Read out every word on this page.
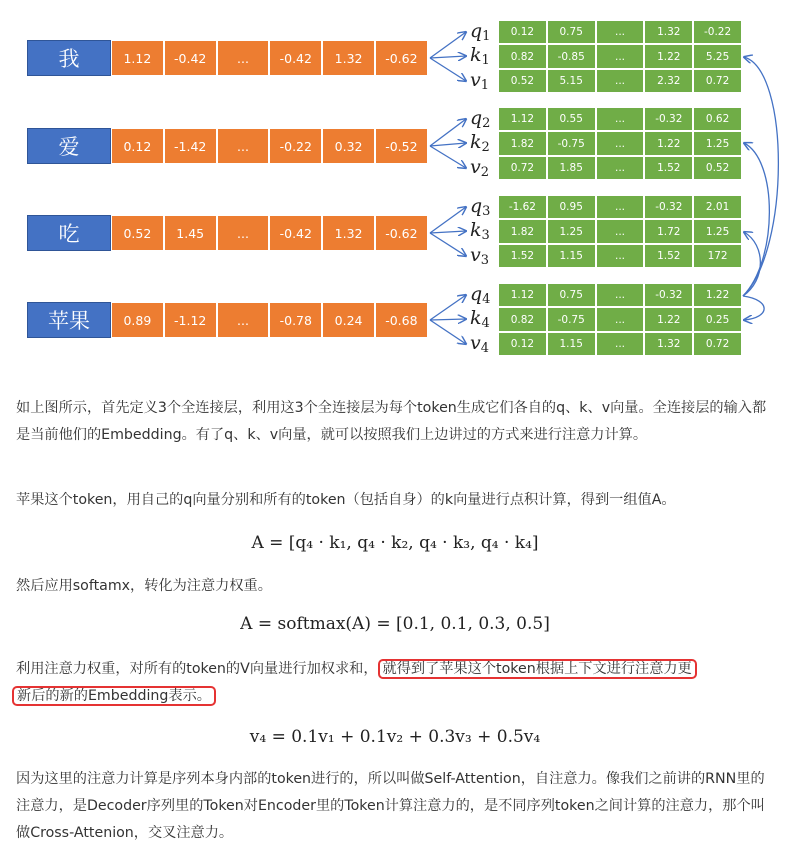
我	1.12	-0.42	...	-0.42	1.32	-0.62
$q_1$
$k_1$
$v_1$
0.12	0.75	...	1.32	-0.22
0.82	-0.85	...	1.22	5.25
0.52	5.15	...	2.32	0.72
爱	0.12	-1.42	...	-0.22	0.32	-0.52
$q_2$
$k_2$
$v_2$
1.12	0.55	...	-0.32	0.62
1.82	-0.75	...	1.22	1.25
0.72	1.85	...	1.52	0.52
吃	0.52	1.45	...	-0.42	1.32	-0.62
$q_3$
$k_3$
$v_3$
-1.62	0.95	...	-0.32	2.01
1.82	1.25	...	1.72	1.25
1.52	1.15	...	1.52	172
苹果	0.89	-1.12	...	-0.78	0.24	-0.68
$q_4$
$k_4$
$v_4$
1.12	0.75	...	-0.32	1.22
0.82	-0.75	...	1.22	0.25
0.12	1.15	...	1.32	0.72
如上图所示，首先定义3个全连接层，利用这3个全连接层为每个token生成它们各自的q、k、v向量。全连接层的输入都是当前他们的Embedding。有了q、k、v向量，就可以按照我们上边讲过的方式来进行注意力计算。
苹果这个token，用自己的q向量分别和所有的token（包括自身）的k向量进行点积计算，得到一组值A。
A = [q₄ · k₁, q₄ · k₂, q₄ · k₃, q₄ · k₄]
然后应用softamx，转化为注意力权重。
A = softmax(A) = [0.1, 0.1, 0.3, 0.5]
利用注意力权重，对所有的token的V向量进行加权求和， 就得到了苹果这个token根据上下文进行注意力更
新后的新的Embedding表示。
v₄ = 0.1v₁ + 0.1v₂ + 0.3v₃ + 0.5v₄
因为这里的注意力计算是序列本身内部的token进行的，所以叫做Self-Attention，自注意力。像我们之前讲的RNN里的注意力，是Decoder序列里的Token对Encoder里的Token计算注意力的，是不同序列token之间计算的注意力，那个叫做Cross-Attenion，交叉注意力。
